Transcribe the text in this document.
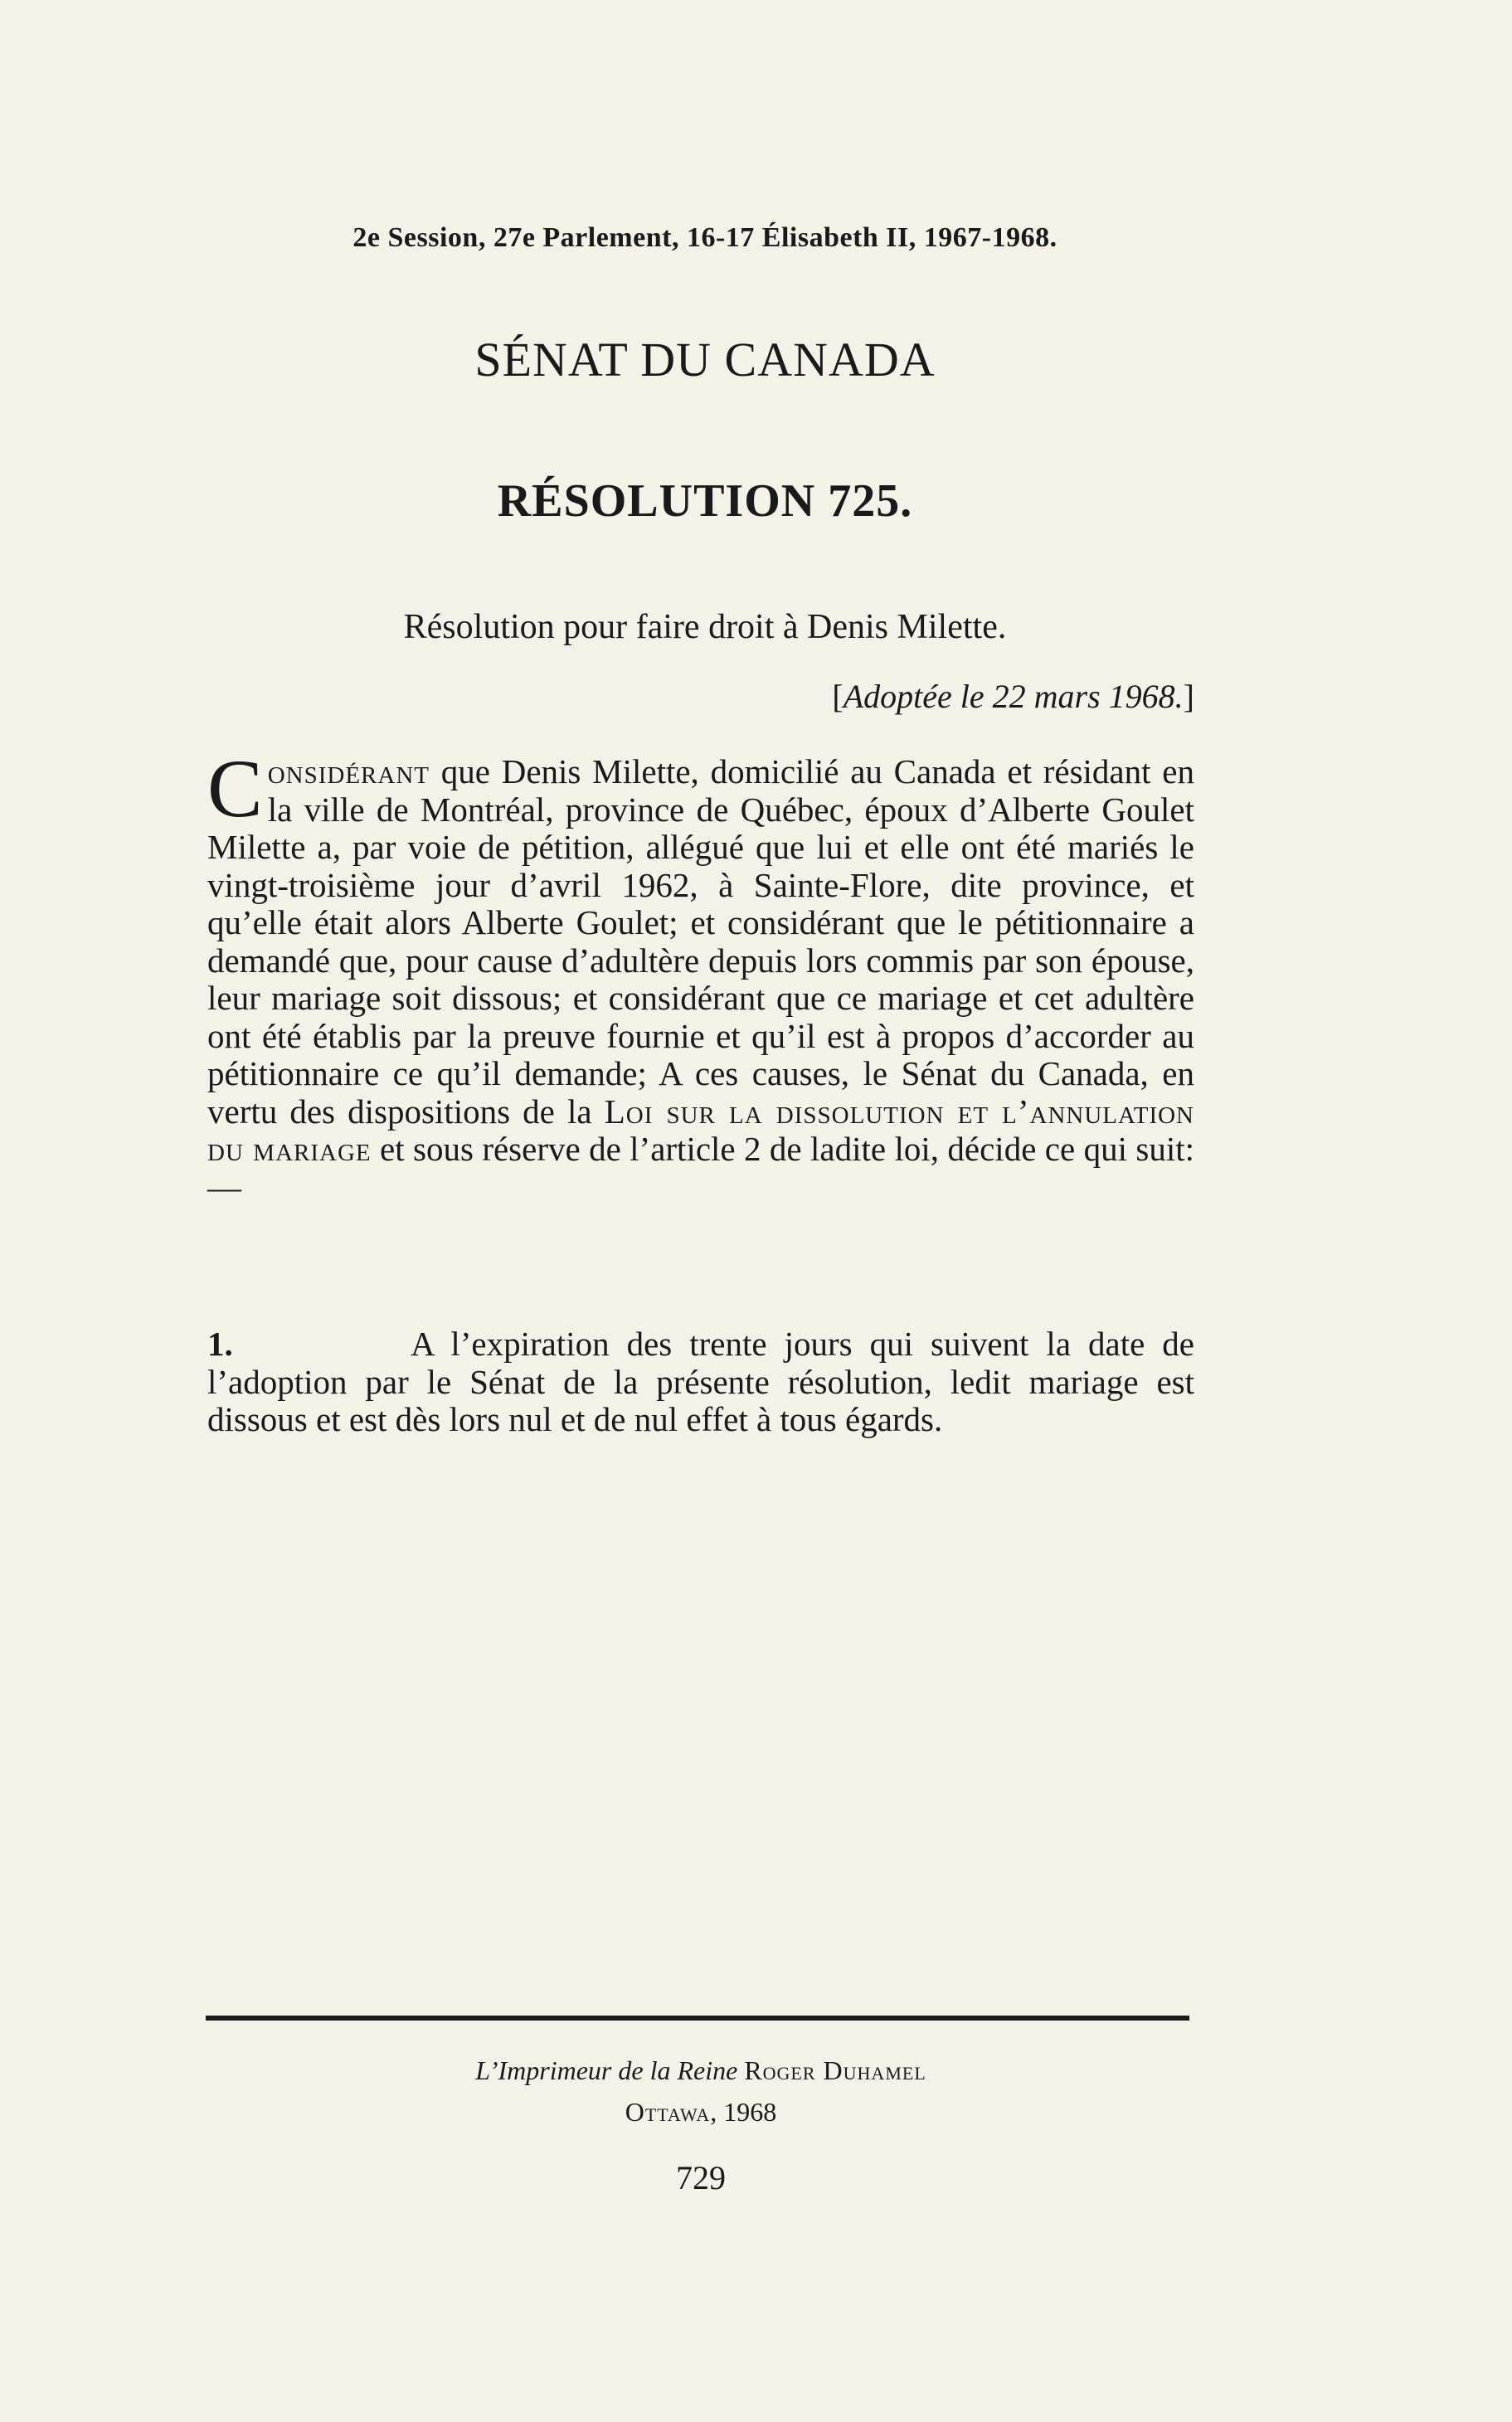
2e Session, 27e Parlement, 16-17 Élisabeth II, 1967-1968.
SÉNAT DU CANADA
RÉSOLUTION 725.
Résolution pour faire droit à Denis Milette.
[Adoptée le 22 mars 1968.]
Considérant que Denis Milette, domicilié au Canada et résidant en la ville de Montréal, province de Québec, époux d’Alberte Goulet Milette a, par voie de pétition, allégué que lui et elle ont été mariés le vingt-troisième jour d’avril 1962, à Sainte-Flore, dite province, et qu’elle était alors Alberte Goulet; et considérant que le pétitionnaire a demandé que, pour cause d’adultère depuis lors commis par son épouse, leur mariage soit dissous; et considérant que ce mariage et cet adultère ont été établis par la preuve fournie et qu’il est à propos d’accorder au pétitionnaire ce qu’il demande; A ces causes, le Sénat du Canada, en vertu des dispositions de la Loi sur la dissolution et l’annulation du mariage et sous réserve de l’article 2 de ladite loi, décide ce qui suit:—
1.	A l’expiration des trente jours qui suivent la date de l’adoption par le Sénat de la présente résolution, ledit mariage est dissous et est dès lors nul et de nul effet à tous égards.
L’Imprimeur de la Reine Roger Duhamel
Ottawa, 1968
729
